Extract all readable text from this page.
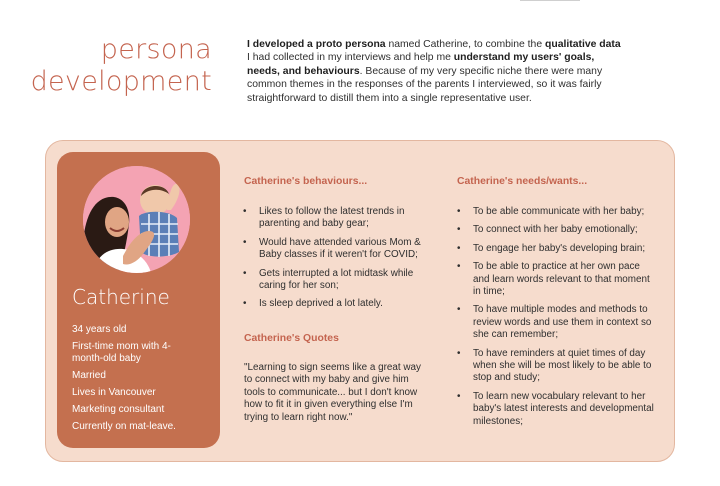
persona
development
I developed a proto persona named Catherine, to combine the qualitative data I had collected in my interviews and help me understand my users' goals, needs, and behaviours. Because of my very specific niche there were many common themes in the responses of the parents I interviewed, so it was fairly straightforward to distill them into a single representative user.
Catherine
34 years old
First-time mom with 4-month-old baby
Married
Lives in Vancouver
Marketing consultant
Currently on mat-leave.
Catherine's behaviours...
• Likes to follow the latest trends in parenting and baby gear;
• Would have attended various Mom & Baby classes if it weren't for COVID;
• Gets interrupted a lot midtask while caring for her son;
• Is sleep deprived a lot lately.
Catherine's Quotes
"Learning to sign seems like a great way to connect with my baby and give him tools to communicate... but I don't know how to fit it in given everything else I'm trying to learn right now."
Catherine's needs/wants...
• To be able communicate with her baby;
• To connect with her baby emotionally;
• To engage her baby's developing brain;
• To be able to practice at her own pace and learn words relevant to that moment in time;
• To have multiple modes and methods to review words and use them in context so she can remember;
• To have reminders at quiet times of day when she will be most likely to be able to stop and study;
• To learn new vocabulary relevant to her baby's latest interests and developmental milestones;
